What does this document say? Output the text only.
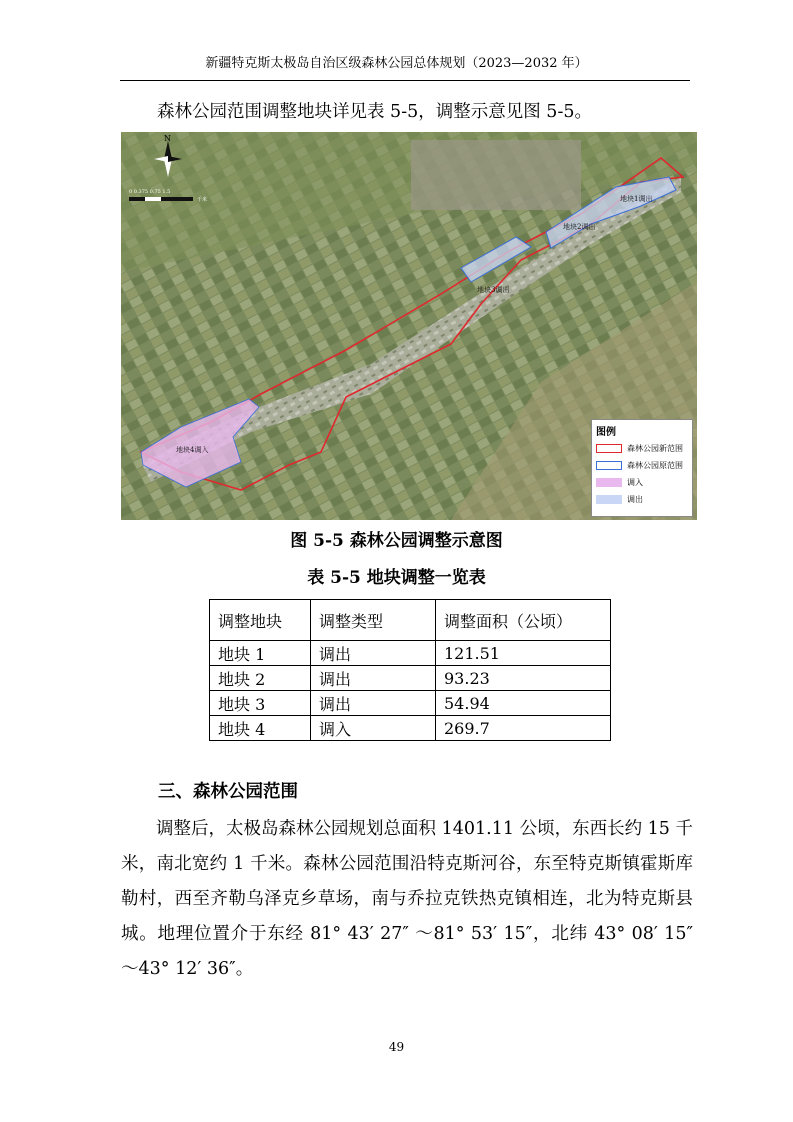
新疆特克斯太极岛自治区级森林公园总体规划（2023—2032 年）
森林公园范围调整地块详见表 5-5，调整示意见图 5-5。
N
0 0.375 0.75 1.5
千米	地块1调出
地块2调出
地块3调出
地块4调入
图例
森林公园新范围
森林公园原范围
调入
调出
图 5-5 森林公园调整示意图
表 5-5 地块调整一览表
调整地块	调整类型	调整面积（公顷）
地块 1	调出	121.51
地块 2	调出	93.23
地块 3	调出	54.94
地块 4	调入	269.7
三、森林公园范围

调整后，太极岛森林公园规划总面积 1401.11 公顷，东西长约 15 千米，南北宽约 1 千米。森林公园范围沿特克斯河谷，东至特克斯镇霍斯库勒村，西至齐勒乌泽克乡草场，南与乔拉克铁热克镇相连，北为特克斯县城。地理位置介于东经 81° 43′ 27″ ～81° 53′ 15″，北纬 43° 08′ 15″ ～43° 12′ 36″。

49
